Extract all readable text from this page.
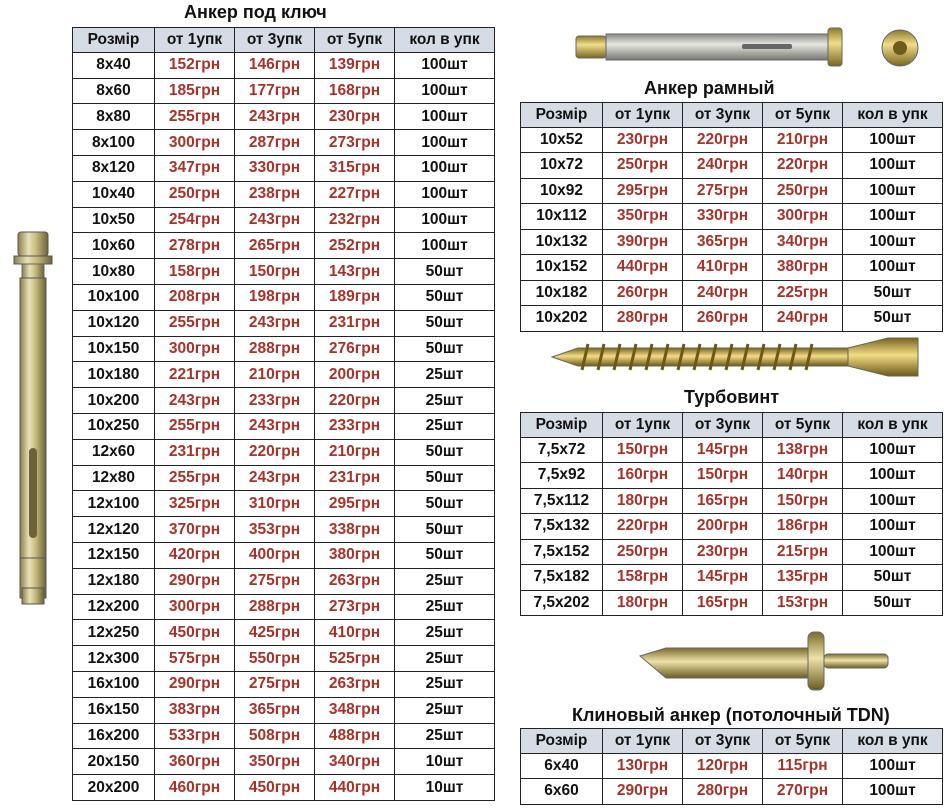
Анкер под ключ
Анкер рамный
Турбовинт
Клиновый анкер (потолочный TDN)
Розмір	от 1упк	от 3упк	от 5упк	кол в упк
8x40	152грн	146грн	139грн	100шт
8x60	185грн	177грн	168грн	100шт
8x80	255грн	243грн	230грн	100шт
8x100	300грн	287грн	273грн	100шт
8x120	347грн	330грн	315грн	100шт
10x40	250грн	238грн	227грн	100шт
10x50	254грн	243грн	232грн	100шт
10x60	278грн	265грн	252грн	100шт
10x80	158грн	150грн	143грн	50шт
10x100	208грн	198грн	189грн	50шт
10x120	255грн	243грн	231грн	50шт
10x150	300грн	288грн	276грн	50шт
10x180	221грн	210грн	200грн	25шт
10x200	243грн	233грн	220грн	25шт
10x250	255грн	243грн	233грн	25шт
12x60	231грн	220грн	210грн	50шт
12x80	255грн	243грн	231грн	50шт
12x100	325грн	310грн	295грн	50шт
12x120	370грн	353грн	338грн	50шт
12x150	420грн	400грн	380грн	50шт
12x180	290грн	275грн	263грн	25шт
12x200	300грн	288грн	273грн	25шт
12x250	450грн	425грн	410грн	25шт
12x300	575грн	550грн	525грн	25шт
16x100	290грн	275грн	263грн	25шт
16x150	383грн	365грн	348грн	25шт
16x200	533грн	508грн	488грн	25шт
20x150	360грн	350грн	340грн	10шт
20x200	460грн	450грн	440грн	10шт
Розмір	от 1упк	от 3упк	от 5упк	кол в упк
10x52	230грн	220грн	210грн	100шт
10x72	250грн	240грн	220грн	100шт
10x92	295грн	275грн	250грн	100шт
10x112	350грн	330грн	300грн	100шт
10x132	390грн	365грн	340грн	100шт
10x152	440грн	410грн	380грн	100шт
10x182	260грн	240грн	225грн	50шт
10x202	280грн	260грн	240грн	50шт
Розмір	от 1упк	от 3упк	от 5упк	кол в упк
7,5x72	150грн	145грн	138грн	100шт
7,5x92	160грн	150грн	140грн	100шт
7,5x112	180грн	165грн	150грн	100шт
7,5x132	220грн	200грн	186грн	100шт
7,5x152	250грн	230грн	215грн	100шт
7,5x182	158грн	145грн	135грн	50шт
7,5x202	180грн	165грн	153грн	50шт
Розмір	от 1упк	от 3упк	от 5упк	кол в упк
6x40	130грн	120грн	115грн	100шт
6x60	290грн	280грн	270грн	100шт
